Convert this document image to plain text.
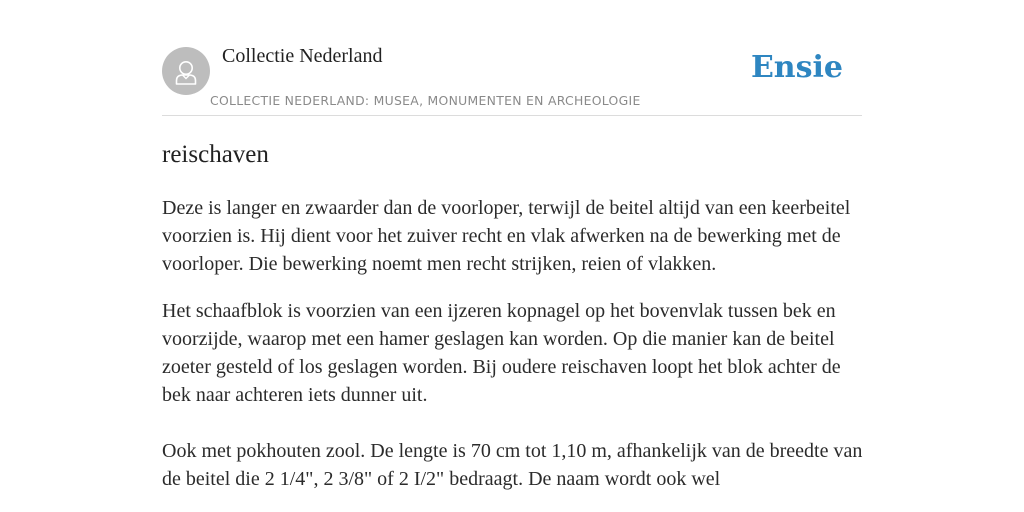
Collectie Nederland
COLLECTIE NEDERLAND: MUSEA, MONUMENTEN EN ARCHEOLOGIE
Ensie
reischaven

Deze is langer en zwaarder dan de voorloper, terwijl de beitel altijd van een keerbeitel voorzien is. Hij dient voor het zuiver recht en vlak afwerken na de bewerking met de voorloper. Die bewerking noemt men recht strijken, reien of vlakken.

Het schaafblok is voorzien van een ijzeren kopnagel op het bovenvlak tussen bek en voorzijde, waarop met een hamer geslagen kan worden. Op die manier kan de beitel zoeter gesteld of los geslagen worden. Bij oudere reischaven loopt het blok achter de bek naar achteren iets dunner uit.

Ook met pokhouten zool. De lengte is 70 cm tot 1,10 m, afhankelijk van de breedte van de beitel die 2 1/4", 2 3/8" of 2 I/2" bedraagt. De naam wordt ook wel
